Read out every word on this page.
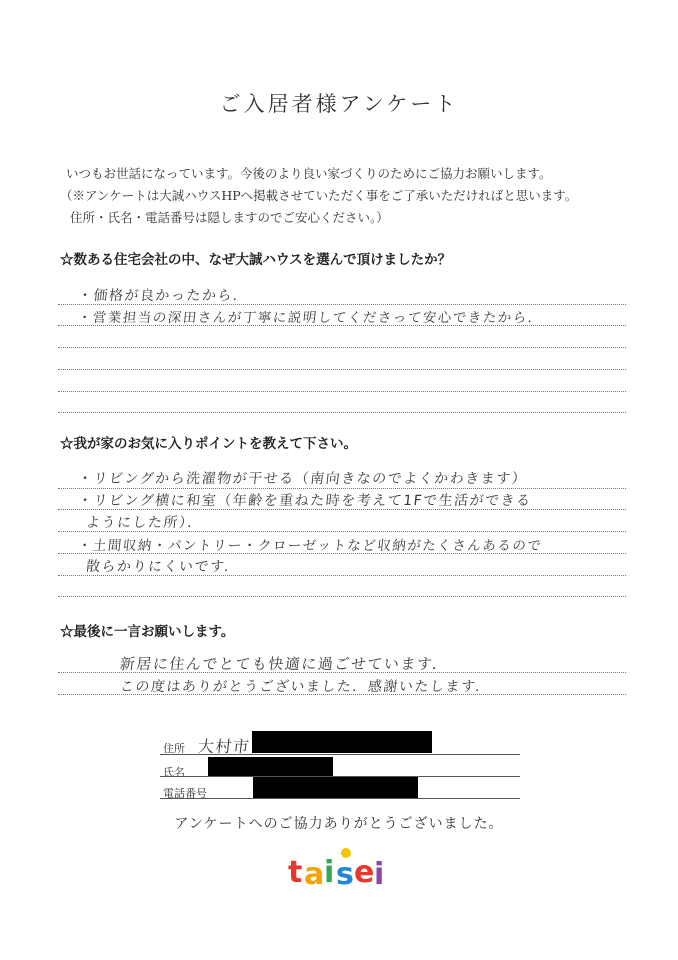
ご入居者様アンケート
いつもお世話になっています。今後のより良い家づくりのためにご協力お願いします。
（※アンケートは大誠ハウスHPへ掲載させていただく事をご了承いただければと思います。
住所・氏名・電話番号は隠しますのでご安心ください。）
☆数ある住宅会社の中、なぜ大誠ハウスを選んで頂けましたか？
・価格が良かったから．
・営業担当の深田さんが丁寧に説明してくださって安心できたから．
☆我が家のお気に入りポイントを教えて下さい。
・リビングから洗濯物が干せる（南向きなのでよくかわきます）
・リビング横に和室（年齢を重ねた時を考えて1Fで生活ができる
ようにした所）．
・土間収納・パントリー・クローゼットなど収納がたくさんあるので
散らかりにくいです．
☆最後に一言お願いします。
新居に住んでとても快適に過ごせています．
この度はありがとうございました．感謝いたします．
住所 大村市
氏名
電話番号
アンケートへのご協力ありがとうございました。
t a i s e i
